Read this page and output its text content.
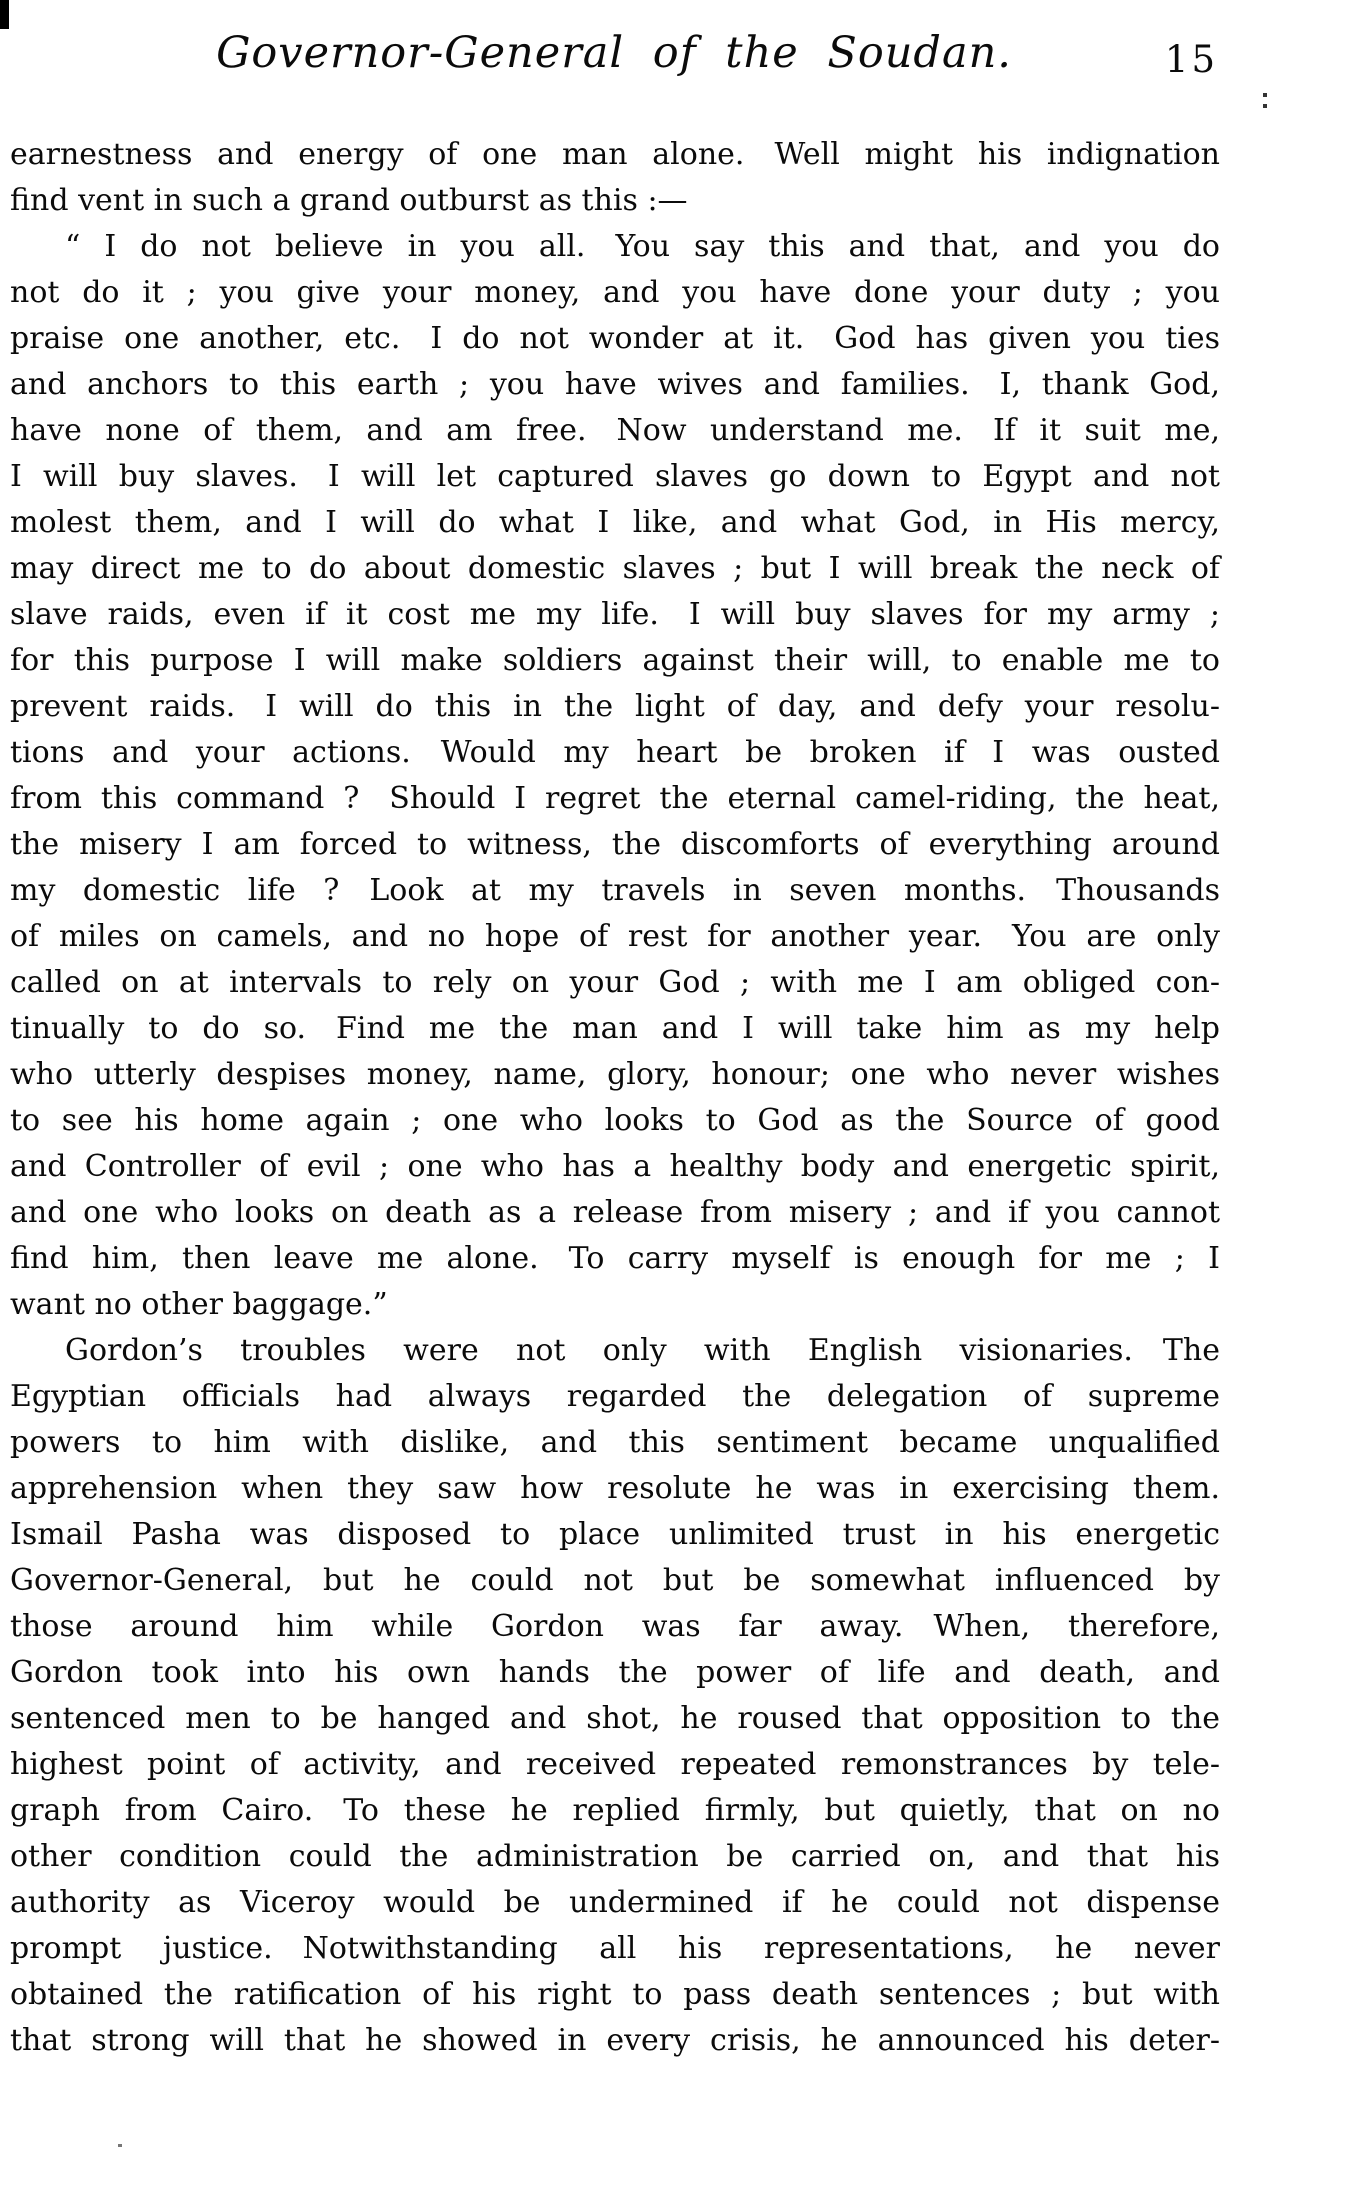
Governor-General of the Soudan.	15
earnestness and energy of one man alone. Well might his indignation
find vent in such a grand outburst as this :—
“ I do not believe in you all. You say this and that, and you do
not do it ; you give your money, and you have done your duty ; you
praise one another, etc. I do not wonder at it. God has given you ties
and anchors to this earth ; you have wives and families. I, thank God,
have none of them, and am free. Now understand me. If it suit me,
I will buy slaves. I will let captured slaves go down to Egypt and not
molest them, and I will do what I like, and what God, in His mercy,
may direct me to do about domestic slaves ; but I will break the neck of
slave raids, even if it cost me my life. I will buy slaves for my army ;
for this purpose I will make soldiers against their will, to enable me to
prevent raids. I will do this in the light of day, and defy your resolu-
tions and your actions. Would my heart be broken if I was ousted
from this command ? Should I regret the eternal camel-riding, the heat,
the misery I am forced to witness, the discomforts of everything around
my domestic life ? Look at my travels in seven months. Thousands
of miles on camels, and no hope of rest for another year. You are only
called on at intervals to rely on your God ; with me I am obliged con-
tinually to do so. Find me the man and I will take him as my help
who utterly despises money, name, glory, honour; one who never wishes
to see his home again ; one who looks to God as the Source of good
and Controller of evil ; one who has a healthy body and energetic spirit,
and one who looks on death as a release from misery ; and if you cannot
find him, then leave me alone. To carry myself is enough for me ; I
want no other baggage.”
Gordon’s troubles were not only with English visionaries. The
Egyptian officials had always regarded the delegation of supreme
powers to him with dislike, and this sentiment became unqualified
apprehension when they saw how resolute he was in exercising them.
Ismail Pasha was disposed to place unlimited trust in his energetic
Governor-General, but he could not but be somewhat influenced by
those around him while Gordon was far away. When, therefore,
Gordon took into his own hands the power of life and death, and
sentenced men to be hanged and shot, he roused that opposition to the
highest point of activity, and received repeated remonstrances by tele-
graph from Cairo. To these he replied firmly, but quietly, that on no
other condition could the administration be carried on, and that his
authority as Viceroy would be undermined if he could not dispense
prompt justice. Notwithstanding all his representations, he never
obtained the ratification of his right to pass death sentences ; but with
that strong will that he showed in every crisis, he announced his deter-
